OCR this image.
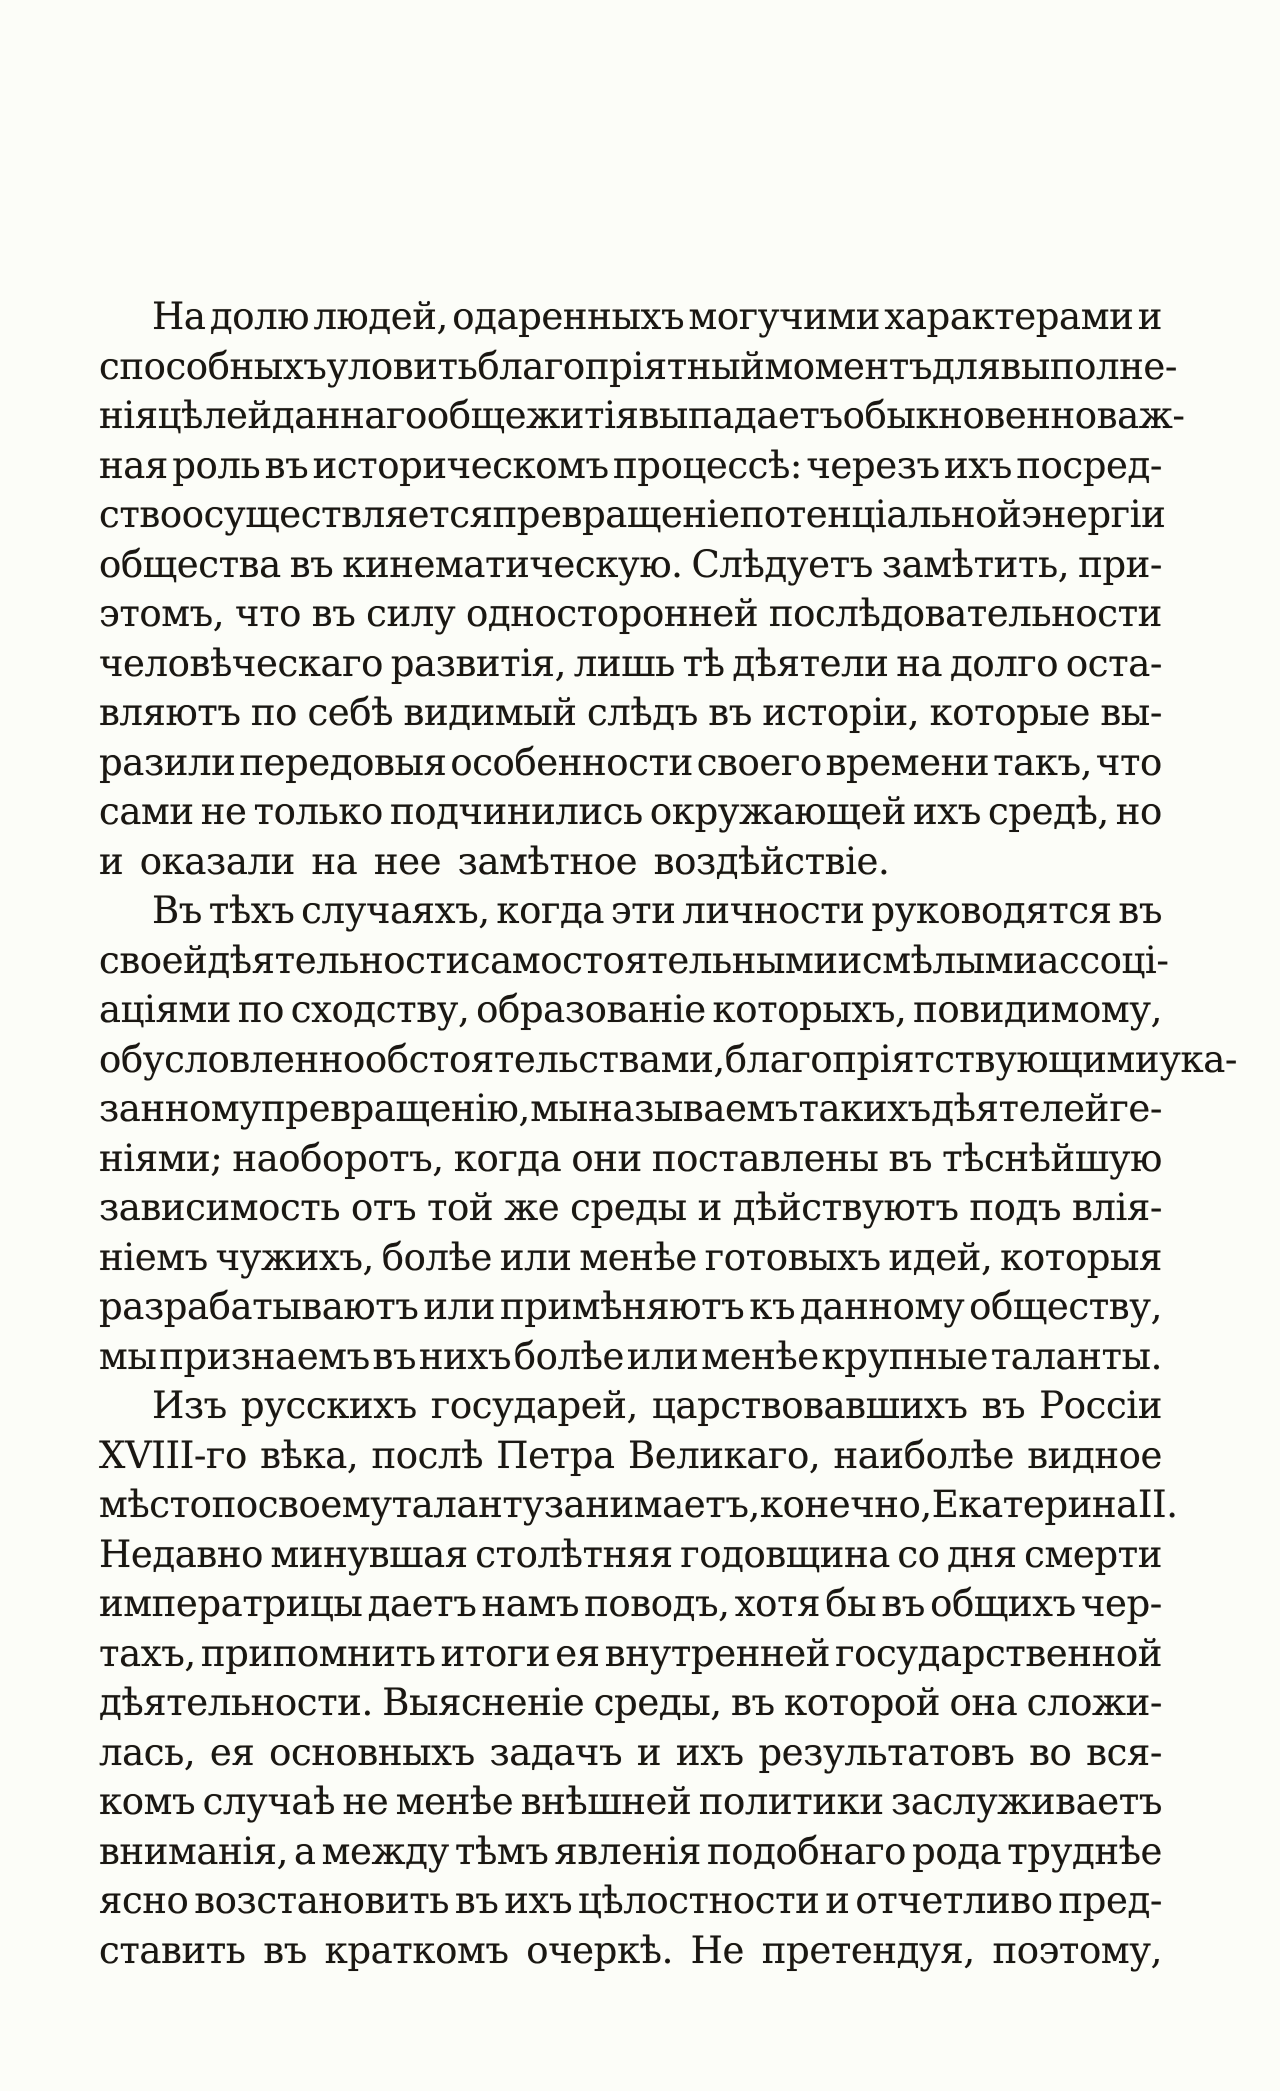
На долю людей, одаренныхъ могучими характерами и
способныхъ уловить благопріятный моментъ для выполне-
нія цѣлей даннаго общежитія выпадаетъ обыкновенно важ-
ная роль въ историческомъ процессѣ: черезъ ихъ посред-
ство осуществляется превращеніе потенціальной энергіи
общества въ кинематическую. Слѣдуетъ замѣтить, при-
этомъ, что въ силу односторонней послѣдовательности
человѣческаго развитія, лишь тѣ дѣятели на долго оста-
вляютъ по себѣ видимый слѣдъ въ исторіи, которые вы-
разили передовыя особенности своего времени такъ, что
сами не только подчинились окружающей ихъ средѣ, но
и оказали на нее замѣтное воздѣйствіе.
Въ тѣхъ случаяхъ, когда эти личности руководятся въ
своей дѣятельности самостоятельными и смѣлыми ассоці-
аціями по сходству, образованіе которыхъ, повидимому,
обусловленно обстоятельствами, благопріятствующими ука-
занному превращенію, мы называемъ такихъ дѣятелей ге-
ніями; наоборотъ, когда они поставлены въ тѣснѣйшую
зависимость отъ той же среды и дѣйствуютъ подъ влія-
ніемъ чужихъ, болѣе или менѣе готовыхъ идей, которыя
разрабатываютъ или примѣняютъ къ данному обществу,
мы признаемъ въ нихъ болѣе или менѣе крупные таланты.
Изъ русскихъ государей, царствовавшихъ въ Россіи
XVIII-го вѣка, послѣ Петра Великаго, наиболѣе видное
мѣсто по своему таланту занимаетъ, конечно, Екатерина II.
Недавно минувшая столѣтняя годовщина со дня смерти
императрицы даетъ намъ поводъ, хотя бы въ общихъ чер-
тахъ, припомнить итоги ея внутренней государственной
дѣятельности. Выясненіе среды, въ которой она сложи-
лась, ея основныхъ задачъ и ихъ результатовъ во вся-
комъ случаѣ не менѣе внѣшней политики заслуживаетъ
вниманія, а между тѣмъ явленія подобнаго рода труднѣе
ясно возстановить въ ихъ цѣлостности и отчетливо пред-
ставить въ краткомъ очеркѣ. Не претендуя, поэтому,
